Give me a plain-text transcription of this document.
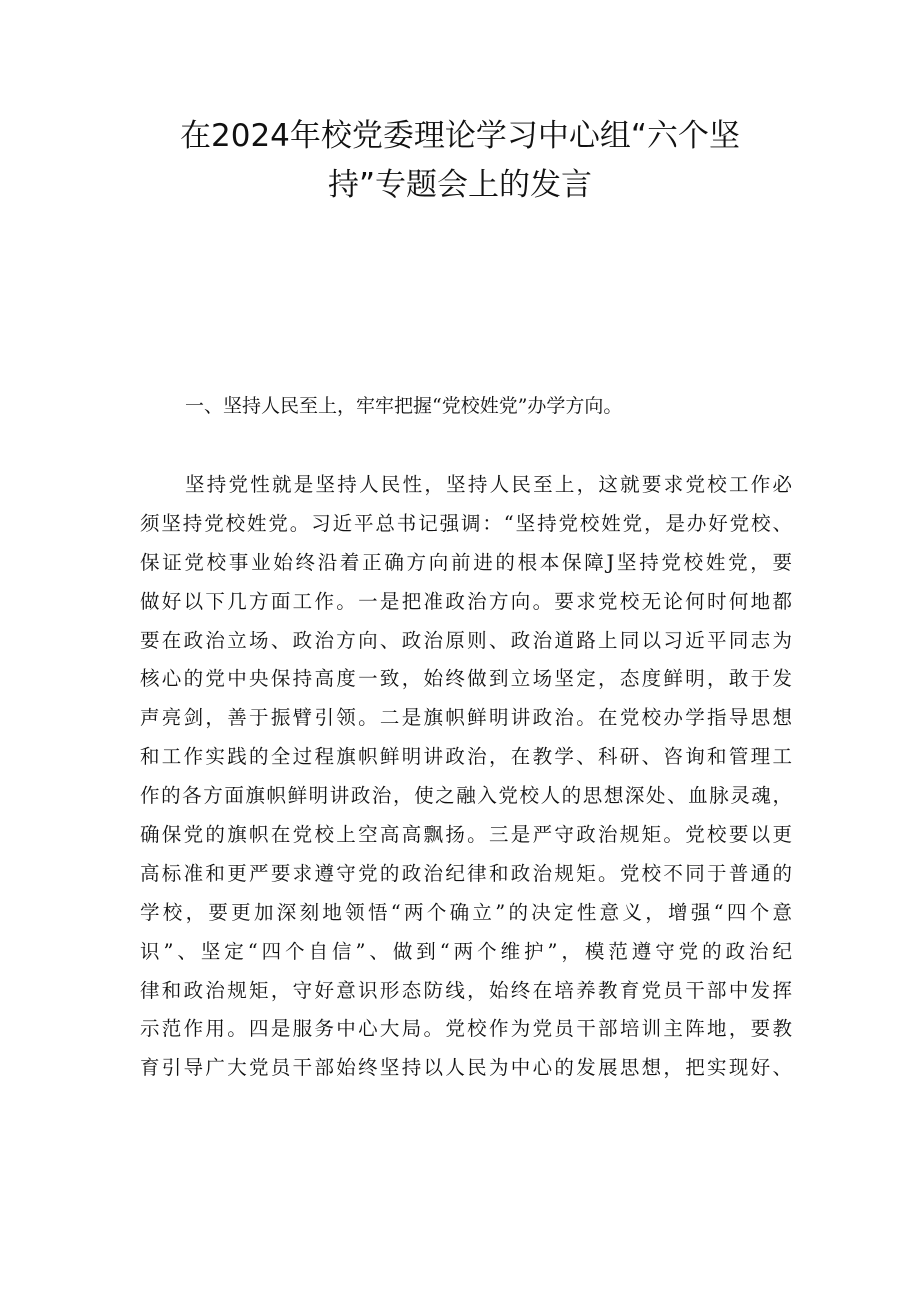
在2024年校党委理论学习中心组“六个坚
持”专题会上的发言

一、坚持人民至上，牢牢把握“党校姓党”办学方向。

坚持党性就是坚持人民性，坚持人民至上，这就要求党校工作必
须坚持党校姓党。习近平总书记强调：“坚持党校姓党，是办好党校、
保证党校事业始终沿着正确方向前进的根本保障J坚持党校姓党，要
做好以下几方面工作。一是把准政治方向。要求党校无论何时何地都
要在政治立场、政治方向、政治原则、政治道路上同以习近平同志为
核心的党中央保持高度一致，始终做到立场坚定，态度鲜明，敢于发
声亮剑，善于振臂引领。二是旗帜鲜明讲政治。在党校办学指导思想
和工作实践的全过程旗帜鲜明讲政治，在教学、科研、咨询和管理工
作的各方面旗帜鲜明讲政治，使之融入党校人的思想深处、血脉灵魂，
确保党的旗帜在党校上空高高飘扬。三是严守政治规矩。党校要以更
高标准和更严要求遵守党的政治纪律和政治规矩。党校不同于普通的
学校，要更加深刻地领悟“两个确立”的决定性意义，增强“四个意
识”、坚定“四个自信”、做到“两个维护”，模范遵守党的政治纪
律和政治规矩，守好意识形态防线，始终在培养教育党员干部中发挥
示范作用。四是服务中心大局。党校作为党员干部培训主阵地，要教
育引导广大党员干部始终坚持以人民为中心的发展思想，把实现好、
